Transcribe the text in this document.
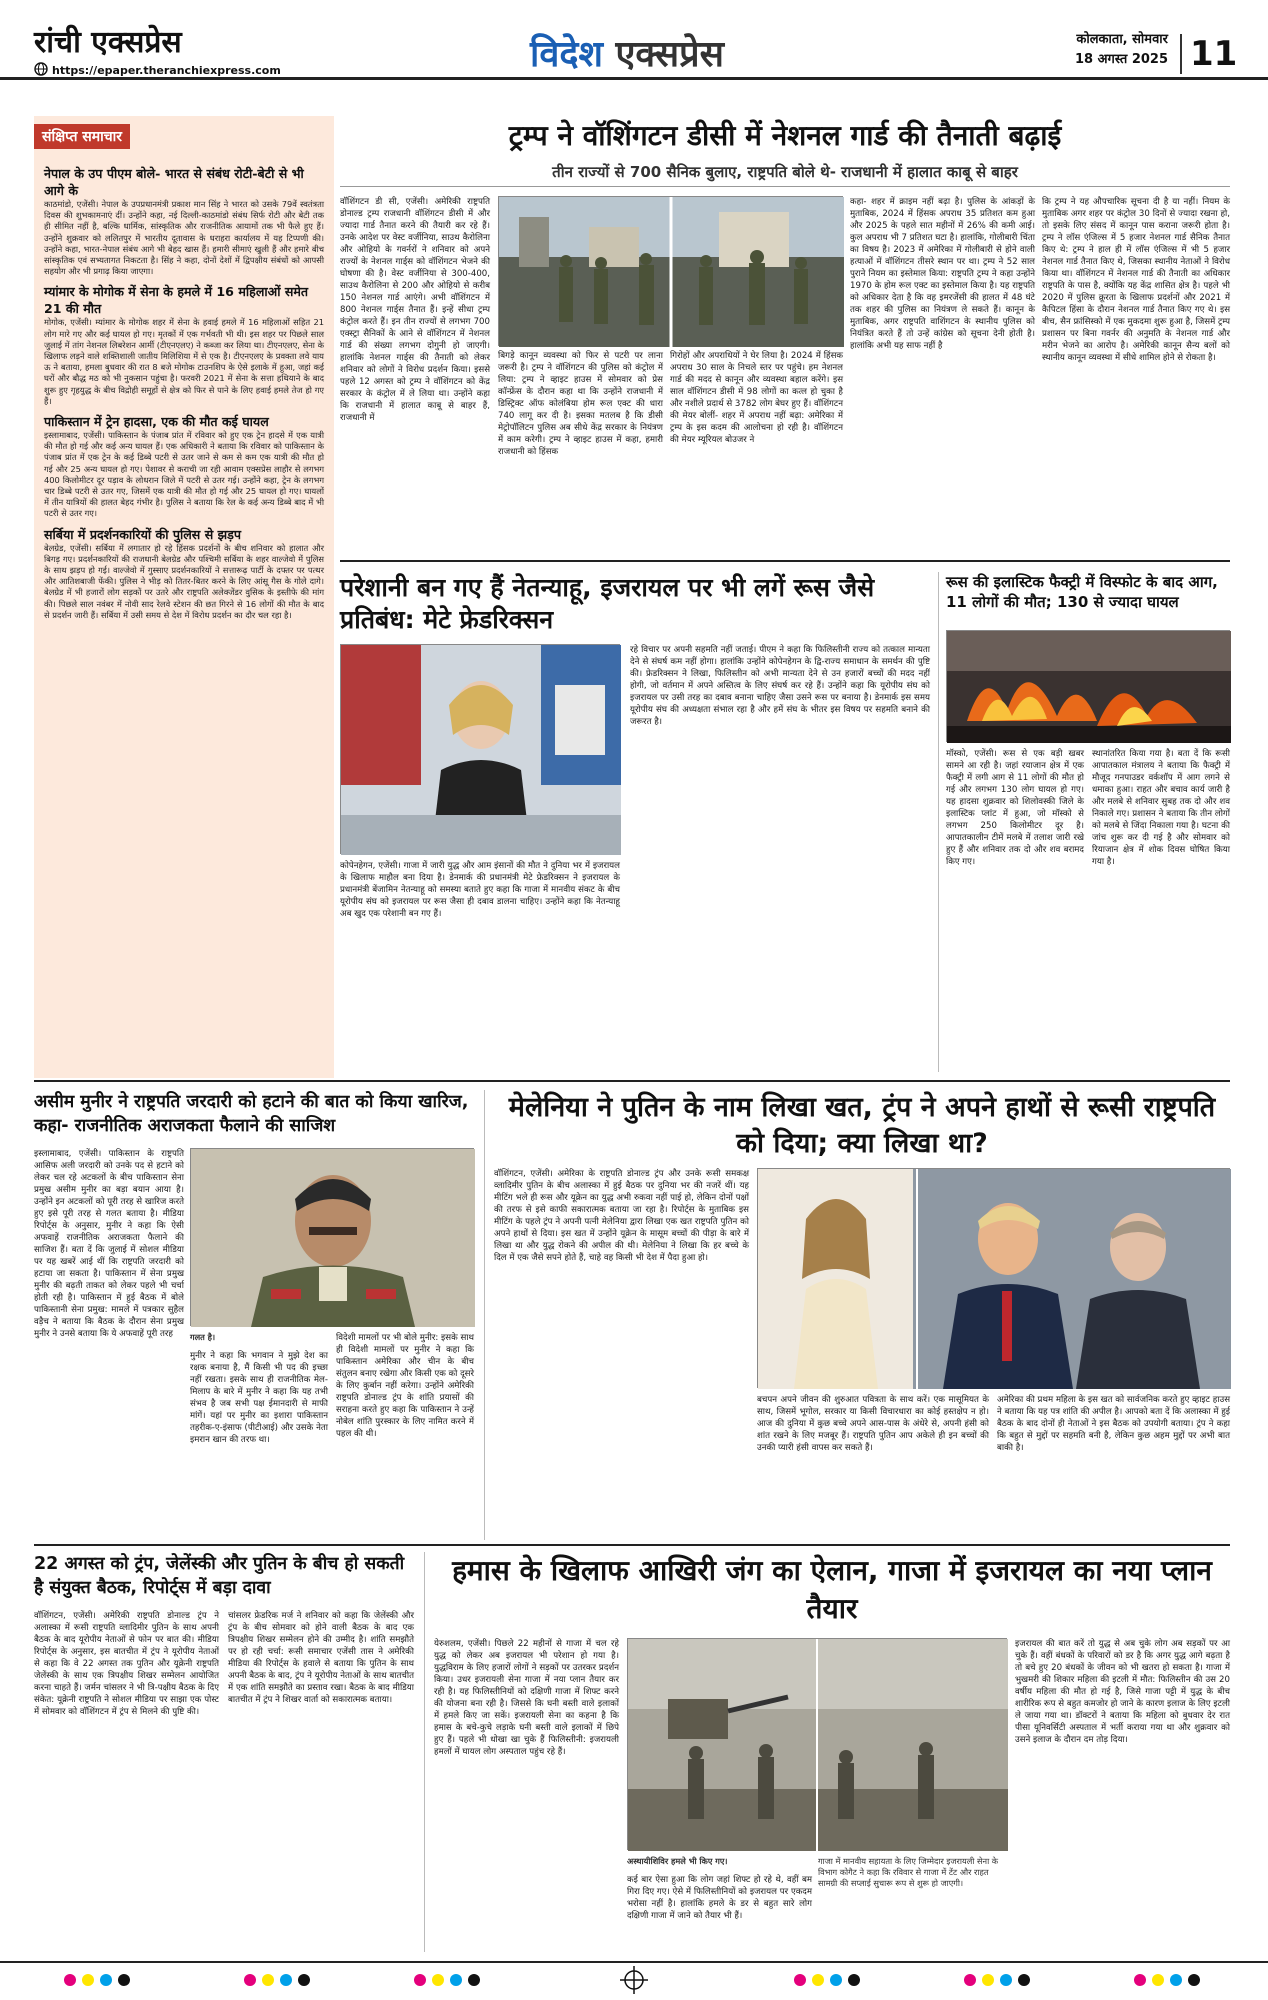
रांची एक्सप्रेस
https://epaper.theranchiexpress.com	विदेश एक्सप्रेस	कोलकाता, सोमवार
18 अगस्त 2025 11
संक्षिप्त समाचार
नेपाल के उप पीएम बोले- भारत से संबंध रोटी-बेटी से भी आगे के
काठमांडो, एजेंसी। नेपाल के उपप्रधानमंत्री प्रकाश मान सिंह ने भारत को उसके 79वें स्वतंत्रता दिवस की शुभकामनाएं दीं। उन्होंने कहा, नई दिल्ली-काठमांडो संबंध सिर्फ रोटी और बेटी तक ही सीमित नहीं है, बल्कि धार्मिक, सांस्कृतिक और राजनीतिक आयामों तक भी फैले हुए हैं। उन्होंने शुक्रवार को ललितपुर में भारतीय दूतावास के धराहरा कार्यालय में यह टिप्पणी की। उन्होंने कहा, भारत-नेपाल संबंध आगे भी बेहद खास हैं। हमारी सीमाएं खुली हैं और हमारे बीच सांस्कृतिक एवं सभ्यतागत निकटता है। सिंह ने कहा, दोनों देशों में द्विपक्षीय संबंधों को आपसी सहयोग और भी प्रगाढ़ किया जाएगा।
म्यांमार के मोगोक में सेना के हमले में 16 महिलाओं समेत 21 की मौत
मोगोक, एजेंसी। म्यांमार के मोगोक शहर में सेना के हवाई हमले में 16 महिलाओं सहित 21 लोग मारे गए और कई घायल हो गए। मृतकों में एक गर्भवती भी थी। इस शहर पर पिछले साल जुलाई में तांग नेशनल लिबरेशन आर्मी (टीएनएलए) ने कब्जा कर लिया था। टीएनएलए, सेना के खिलाफ लड़ने वाले शक्तिशाली जातीय मिलिशिया में से एक है। टीएनएलए के प्रवक्ता लवे याय ऊ ने बताया, हमला बुधवार की रात 8 बजे मोगोक टाउनशिप के ऐसे इलाके में हुआ, जहां कई घरों और बौद्ध मठ को भी नुकसान पहुंचा है। फरवरी 2021 में सेना के सत्ता हथियाने के बाद शुरू हुए गृहयुद्ध के बीच विद्रोही समूहों से क्षेत्र को फिर से पाने के लिए हवाई हमले तेज हो गए हैं।
पाकिस्तान में ट्रेन हादसा, एक की मौत कई घायल
इस्लामाबाद, एजेंसी। पाकिस्तान के पंजाब प्रांत में रविवार को हुए एक ट्रेन हादसे में एक यात्री की मौत हो गई और कई अन्य घायल हैं। एक अधिकारी ने बताया कि रविवार को पाकिस्तान के पंजाब प्रांत में एक ट्रेन के कई डिब्बे पटरी से उतर जाने से कम से कम एक यात्री की मौत हो गई और 25 अन्य घायल हो गए। पेशावर से कराची जा रही आवाम एक्सप्रेस लाहौर से लगभग 400 किलोमीटर दूर पड़ाव के लोधरान जिले में पटरी से उतर गई। उन्होंने कहा, ट्रेन के लगभग चार डिब्बे पटरी से उतर गए, जिसमें एक यात्री की मौत हो गई और 25 घायल हो गए। घायलों में तीन यात्रियों की हालत बेहद गंभीर है। पुलिस ने बताया कि रेल के कई अन्य डिब्बे बाद में भी पटरी से उतर गए।
सर्बिया में प्रदर्शनकारियों की पुलिस से झड़प
बेलग्रेड, एजेंसी। सर्बिया में लगातार हो रहे हिंसक प्रदर्शनों के बीच शनिवार को हालात और बिगड़ गए। प्रदर्शनकारियों की राजधानी बेलग्रेड और पश्चिमी सर्बिया के शहर वाल्जेवो में पुलिस के साथ झड़प हो गई। वाल्जेवो में गुस्साए प्रदर्शनकारियों ने सत्तारूढ़ पार्टी के दफ्तर पर पत्थर और आतिशबाजी फेंकी। पुलिस ने भीड़ को तितर-बितर करने के लिए आंसू गैस के गोले दागे। बेलग्रेड में भी हजारों लोग सड़कों पर उतरे और राष्ट्रपति अलेक्जेंडर वुसिक के इस्तीफे की मांग की। पिछले साल नवंबर में नोवी साद रेलवे स्टेशन की छत गिरने से 16 लोगों की मौत के बाद से प्रदर्शन जारी हैं। सर्बिया में उसी समय से देश में विरोध प्रदर्शन का दौर चल रहा है।
ट्रम्प ने वॉशिंगटन डीसी में नेशनल गार्ड की तैनाती बढ़ाई
तीन राज्यों से 700 सैनिक बुलाए, राष्ट्रपति बोले थे- राजधानी में हालात काबू से बाहर
वॉशिंगटन डी सी, एजेंसी। अमेरिकी राष्ट्रपति डोनाल्ड ट्रम्प राजधानी वॉशिंगटन डीसी में और ज्यादा गार्ड तैनात करने की तैयारी कर रहे हैं। उनके आदेश पर वेस्ट वर्जीनिया, साउथ कैरोलिना और ओहियो के गवर्नरों ने शनिवार को अपने राज्यों के नेशनल गार्ड्स को वॉशिंगटन भेजने की घोषणा की है। वेस्ट वर्जीनिया से 300-400, साउथ कैरोलिना से 200 और ओहियो से करीब 150 नेशनल गार्ड आएंगे। अभी वॉशिंगटन में 800 नेशनल गार्ड्स तैनात हैं। इन्हें सीधा ट्रम्प कंट्रोल करते हैं। इन तीन राज्यों से लगभग 700 एक्स्ट्रा सैनिकों के आने से वॉशिंगटन में नेशनल गार्ड की संख्या लगभग दोगुनी हो जाएगी। हालांकि नेशनल गार्ड्स की तैनाती को लेकर शनिवार को लोगों ने विरोध प्रदर्शन किया। इससे पहले 12 अगस्त को ट्रम्प ने वॉशिंगटन को केंद्र सरकार के कंट्रोल में ले लिया था। उन्होंने कहा कि राजधानी में हालात काबू से बाहर हैं, राजधानी में
बिगड़े कानून व्यवस्था को फिर से पटरी पर लाना जरूरी है। ट्रम्प ने वॉशिंगटन की पुलिस को कंट्रोल में लिया: ट्रम्प ने व्हाइट हाउस में सोमवार को प्रेस कॉन्फ्रेंस के दौरान कहा था कि उन्होंने राजधानी में डिस्ट्रिक्ट ऑफ कोलंबिया होम रूल एक्ट की धारा 740 लागू कर दी है। इसका मतलब है कि डीसी मेट्रोपॉलिटन पुलिस अब सीधे केंद्र सरकार के नियंत्रण में काम करेगी। ट्रम्प ने व्हाइट हाउस में कहा, हमारी राजधानी को हिंसक
गिरोहों और अपराधियों ने घेर लिया है। 2024 में हिंसक अपराध 30 साल के निचले स्तर पर पहुंचे। हम नेशनल गार्ड की मदद से कानून और व्यवस्था बहाल करेंगे। इस साल वॉशिंगटन डीसी में 98 लोगों का कत्ल हो चुका है और नशीले प्रदार्थ से 3782 लोग बेघर हुए हैं। वॉशिंगटन की मेयर बोलीं- शहर में अपराध नहीं बढ़ा: अमेरिका में ट्रम्प के इस कदम की आलोचना हो रही है। वॉशिंगटन की मेयर म्यूरियल बोउजर ने
कहा- शहर में क्राइम नहीं बढ़ा है। पुलिस के आंकड़ों के मुताबिक, 2024 में हिंसक अपराध 35 प्रतिशत कम हुआ और 2025 के पहले सात महीनों में 26% की कमी आई। कुल अपराध भी 7 प्रतिशत घटा है। हालांकि, गोलीबारी चिंता का विषय है। 2023 में अमेरिका में गोलीबारी से होने वाली हत्याओं में वॉशिंगटन तीसरे स्थान पर था। ट्रम्प ने 52 साल पुराने नियम का इस्तेमाल किया: राष्ट्रपति ट्रम्प ने कहा उन्होंने 1970 के होम रूल एक्ट का इस्तेमाल किया है। यह राष्ट्रपति को अधिकार देता है कि वह इमरजेंसी की हालत में 48 घंटे तक शहर की पुलिस का नियंत्रण ले सकते हैं। कानून के मुताबिक, अगर राष्ट्रपति वाशिंगटन के स्थानीय पुलिस को नियंत्रित करते हैं तो उन्हें कांग्रेस को सूचना देनी होती है। हालांकि अभी यह साफ नहीं है
कि ट्रम्प ने यह औपचारिक सूचना दी है या नहीं। नियम के मुताबिक अगर शहर पर कंट्रोल 30 दिनों से ज्यादा रखना हो, तो इसके लिए संसद में कानून पास कराना जरूरी होता है। ट्रम्प ने लॉस एंजिल्स में 5 हजार नेशनल गार्ड सैनिक तैनात किए थे: ट्रम्प ने हाल ही में लॉस एंजिल्स में भी 5 हजार नेशनल गार्ड तैनात किए थे, जिसका स्थानीय नेताओं ने विरोध किया था। वॉशिंगटन में नेशनल गार्ड की तैनाती का अधिकार राष्ट्रपति के पास है, क्योंकि यह केंद्र शासित क्षेत्र है। पहले भी 2020 में पुलिस क्रूरता के खिलाफ प्रदर्शनों और 2021 में कैपिटल हिंसा के दौरान नेशनल गार्ड तैनात किए गए थे। इस बीच, सैन फ्रांसिस्को में एक मुकदमा शुरू हुआ है, जिसमें ट्रम्प प्रशासन पर बिना गवर्नर की अनुमति के नेशनल गार्ड और मरीन भेजने का आरोप है। अमेरिकी कानून सैन्य बलों को स्थानीय कानून व्यवस्था में सीधे शामिल होने से रोकता है।
परेशानी बन गए हैं नेतन्याहू, इजरायल पर भी लगें रूस जैसे प्रतिबंध: मेटे फ्रेडरिक्सन
कोपेनहेगन, एजेंसी। गाजा में जारी युद्ध और आम इंसानों की मौत ने दुनिया भर में इजरायल के खिलाफ माहौल बना दिया है। डेनमार्क की प्रधानमंत्री मेटे फ्रेडरिक्सन ने इजरायल के प्रधानमंत्री बेंजामिन नेतन्याहू को समस्या बताते हुए कहा कि गाजा में मानवीय संकट के बीच यूरोपीय संघ को इजरायल पर रूस जैसा ही दबाव डालना चाहिए। उन्होंने कहा कि नेतन्याहू अब खुद एक परेशानी बन गए हैं।
रहे विचार पर अपनी सहमति नहीं जताई। पीएम ने कहा कि फिलिस्तीनी राज्य को तत्काल मान्यता देने से संघर्ष कम नहीं होगा। हालांकि उन्होंने कोपेनहेगन के द्वि-राज्य समाधान के समर्थन की पुष्टि की। फ्रेडरिक्सन ने लिखा, फिलिस्तीन को अभी मान्यता देने से उन हजारों बच्चों की मदद नहीं होगी, जो वर्तमान में अपने अस्तित्व के लिए संघर्ष कर रहे हैं। उन्होंने कहा कि यूरोपीय संघ को इजरायल पर उसी तरह का दबाव बनाना चाहिए जैसा उसने रूस पर बनाया है। डेनमार्क इस समय यूरोपीय संघ की अध्यक्षता संभाल रहा है और हमें संघ के भीतर इस विषय पर सहमति बनाने की जरूरत है।
रूस की इलास्टिक फैक्ट्री में विस्फोट के बाद आग, 11 लोगों की मौत; 130 से ज्यादा घायल
मॉस्को, एजेंसी। रूस से एक बड़ी खबर सामने आ रही है। जहां रयाजान क्षेत्र में एक फैक्ट्री में लगी आग से 11 लोगों की मौत हो गई और लगभग 130 लोग घायल हो गए। यह हादसा शुक्रवार को शिलोवस्की जिले के इलास्टिक प्लांट में हुआ, जो मॉस्को से लगभग 250 किलोमीटर दूर है। आपातकालीन टीमें मलबे में तलाश जारी रखे हुए हैं और शनिवार तक दो और शव बरामद किए गए।
स्थानांतरित किया गया है। बता दें कि रूसी आपातकाल मंत्रालय ने बताया कि फैक्ट्री में मौजूद गनपाउडर वर्कशॉप में आग लगने से धमाका हुआ। राहत और बचाव कार्य जारी है और मलबे से शनिवार सुबह तक दो और शव निकाले गए। प्रशासन ने बताया कि तीन लोगों को मलबे से जिंदा निकाला गया है। घटना की जांच शुरू कर दी गई है और सोमवार को रियाजान क्षेत्र में शोक दिवस घोषित किया गया है।
असीम मुनीर ने राष्ट्रपति जरदारी को हटाने की बात को किया खारिज, कहा- राजनीतिक अराजकता फैलाने की साजिश
इस्लामाबाद, एजेंसी। पाकिस्तान के राष्ट्रपति आसिफ अली जरदारी को उनके पद से हटाने को लेकर चल रहे अटकलों के बीच पाकिस्तान सेना प्रमुख असीम मुनीर का बड़ा बयान आया है। उन्होंने इन अटकलों को पूरी तरह से खारिज करते हुए इसे पूरी तरह से गलत बताया है। मीडिया रिपोर्ट्स के अनुसार, मुनीर ने कहा कि ऐसी अफवाहें राजनीतिक अराजकता फैलाने की साजिश हैं। बता दें कि जुलाई में सोशल मीडिया पर यह खबरें आई थीं कि राष्ट्रपति जरदारी को हटाया जा सकता है। पाकिस्तान में सेना प्रमुख मुनीर की बढ़ती ताकत को लेकर पहले भी चर्चा होती रही है। पाकिस्तान में हुई बैठक में बोले पाकिस्तानी सेना प्रमुख: मामले में पत्रकार सुहैल वड़ैच ने बताया कि बैठक के दौरान सेना प्रमुख मुनीर ने उनसे बताया कि ये अफवाहें पूरी तरह	गलत है।
मुनीर ने कहा कि भगवान ने मुझे देश का रक्षक बनाया है, मैं किसी भी पद की इच्छा नहीं रखता। इसके साथ ही राजनीतिक मेल-मिलाप के बारे में मुनीर ने कहा कि यह तभी संभव है जब सभी पक्ष ईमानदारी से माफी मांगें। यहां पर मुनीर का इशारा पाकिस्तान तहरीक-ए-इंसाफ (पीटीआई) और उसके नेता इमरान खान की तरफ था।
विदेशी मामलों पर भी बोले मुनीर: इसके साथ ही विदेशी मामलों पर मुनीर ने कहा कि पाकिस्तान अमेरिका और चीन के बीच संतुलन बनाए रखेगा और किसी एक को दूसरे के लिए कुर्बान नहीं करेगा। उन्होंने अमेरिकी राष्ट्रपति डोनाल्ड ट्रंप के शांति प्रयासों की सराहना करते हुए कहा कि पाकिस्तान ने उन्हें नोबेल शांति पुरस्कार के लिए नामित करने में पहल की थी।
मेलेनिया ने पुतिन के नाम लिखा खत, ट्रंप ने अपने हाथों से रूसी राष्ट्रपति को दिया; क्या लिखा था?
वॉशिंगटन, एजेंसी। अमेरिका के राष्ट्रपति डोनाल्ड ट्रंप और उनके रूसी समकक्ष व्लादिमीर पुतिन के बीच अलास्का में हुई बैठक पर दुनिया भर की नजरें थीं। यह मीटिंग भले ही रूस और यूक्रेन का युद्ध अभी रुकवा नहीं पाई हो, लेकिन दोनों पक्षों की तरफ से इसे काफी सकारात्मक बताया जा रहा है। रिपोर्ट्स के मुताबिक इस मीटिंग के पहले ट्रंप ने अपनी पत्नी मेलेनिया द्वारा लिखा एक खत राष्ट्रपति पुतिन को अपने हाथों से दिया। इस खत में उन्होंने यूक्रेन के मासूम बच्चों की पीड़ा के बारे में लिखा था और युद्ध रोकने की अपील की थी। मेलेनिया ने लिखा कि हर बच्चे के दिल में एक जैसे सपने होते हैं, चाहे वह किसी भी देश में पैदा हुआ हो।
बचपन अपने जीवन की शुरुआत पवित्रता के साथ करें। एक मासूमियत के साथ, जिसमें भूगोल, सरकार या किसी विचारधारा का कोई हस्तक्षेप न हो। आज की दुनिया में कुछ बच्चे अपने आस-पास के अंधेरे से, अपनी हंसी को शांत रखने के लिए मजबूर हैं। राष्ट्रपति पुतिन आप अकेले ही इन बच्चों की उनकी प्यारी हंसी वापस कर सकते हैं।
अमेरिका की प्रथम महिला के इस खत को सार्वजनिक करते हुए व्हाइट हाउस ने बताया कि यह पत्र शांति की अपील है। आपको बता दें कि अलास्का में हुई बैठक के बाद दोनों ही नेताओं ने इस बैठक को उपयोगी बताया। ट्रंप ने कहा कि बहुत से मुद्दों पर सहमति बनी है, लेकिन कुछ अहम मुद्दों पर अभी बात बाकी है।
22 अगस्त को ट्रंप, जेलेंस्की और पुतिन के बीच हो सकती है संयुक्त बैठक, रिपोर्ट्स में बड़ा दावा
वॉशिंगटन, एजेंसी। अमेरिकी राष्ट्रपति डोनाल्ड ट्रंप ने अलास्का में रूसी राष्ट्रपति व्लादिमीर पुतिन के साथ अपनी बैठक के बाद यूरोपीय नेताओं से फोन पर बात की। मीडिया रिपोर्ट्स के अनुसार, इस बातचीत में ट्रंप ने यूरोपीय नेताओं से कहा कि वे 22 अगस्त तक पुतिन और यूक्रेनी राष्ट्रपति जेलेंस्की के साथ एक त्रिपक्षीय शिखर सम्मेलन आयोजित करना चाहते हैं। जर्मन चांसलर ने भी त्रि-पक्षीय बैठक के दिए संकेत: यूक्रेनी राष्ट्रपति ने सोशल मीडिया पर साझा एक पोस्ट में सोमवार को वॉशिंगटन में ट्रंप से मिलने की पुष्टि की।
चांसलर फ्रेडरिक मर्ज ने शनिवार को कहा कि जेलेंस्की और ट्रंप के बीच सोमवार को होने वाली बैठक के बाद एक त्रिपक्षीय शिखर सम्मेलन होने की उम्मीद है। शांति समझौते पर हो रही चर्चा: रूसी समाचार एजेंसी तास ने अमेरिकी मीडिया की रिपोर्ट्स के हवाले से बताया कि पुतिन के साथ अपनी बैठक के बाद, ट्रंप ने यूरोपीय नेताओं के साथ बातचीत में एक शांति समझौते का प्रस्ताव रखा। बैठक के बाद मीडिया बातचीत में ट्रंप ने शिखर वार्ता को सकारात्मक बताया।
हमास के खिलाफ आखिरी जंग का ऐलान, गाजा में इजरायल का नया प्लान तैयार
येरुशलम, एजेंसी। पिछले 22 महीनों से गाजा में चल रहे युद्ध को लेकर अब इजरायल भी परेशान हो गया है। युद्धविराम के लिए हजारों लोगों ने सड़कों पर उतरकर प्रदर्शन किया। उधर इजरायली सेना गाजा में नया प्लान तैयार कर रही है। यह फिलिस्तीनियों को दक्षिणी गाजा में शिफ्ट करने की योजना बना रही है। जिससे कि घनी बस्ती वाले इलाकों में हमले किए जा सकें। इजरायली सेना का कहना है कि हमास के बचे-कुचे लड़ाके घनी बस्ती वाले इलाकों में छिपे हुए हैं। पहले भी धोखा खा चुके हैं फिलिस्तीनी: इजरायली हमलों में घायल लोग अस्पताल पहुंच रहे हैं।
अस्थायीशिविर हमले भी किए गए।	गाजा में मानवीय सहायता के लिए जिम्मेदार इजरायली सेना के विभाग कोगैट ने कहा कि रविवार से गाजा में टेंट और राहत सामग्री की सप्लाई सुचारू रूप से शुरू हो जाएगी।
कई बार ऐसा हुआ कि लोग जहां शिफ्ट हो रहे थे, वहीं बम गिरा दिए गए। ऐसे में फिलिस्तीनियों को इजरायल पर एकदम भरोसा नहीं है। हालांकि हमले के डर से बहुत सारे लोग दक्षिणी गाजा में जाने को तैयार भी हैं।
इजरायल की बात करें तो युद्ध से अब चुके लोग अब सड़कों पर आ चुके हैं। वहीं बंधकों के परिवारों को डर है कि अगर युद्ध आगे बढ़ता है तो बचे हुए 20 बंधकों के जीवन को भी खतरा हो सकता है। गाजा में भुखमरी की शिकार महिला की इटली में मौत: फिलिस्तीन की उस 20 वर्षीय महिला की मौत हो गई है, जिसे गाजा पट्टी में युद्ध के बीच शारीरिक रूप से बहुत कमजोर हो जाने के कारण इलाज के लिए इटली ले जाया गया था। डॉक्टरों ने बताया कि महिला को बुधवार देर रात पीसा यूनिवर्सिटी अस्पताल में भर्ती कराया गया था और शुक्रवार को उसने इलाज के दौरान दम तोड़ दिया।
